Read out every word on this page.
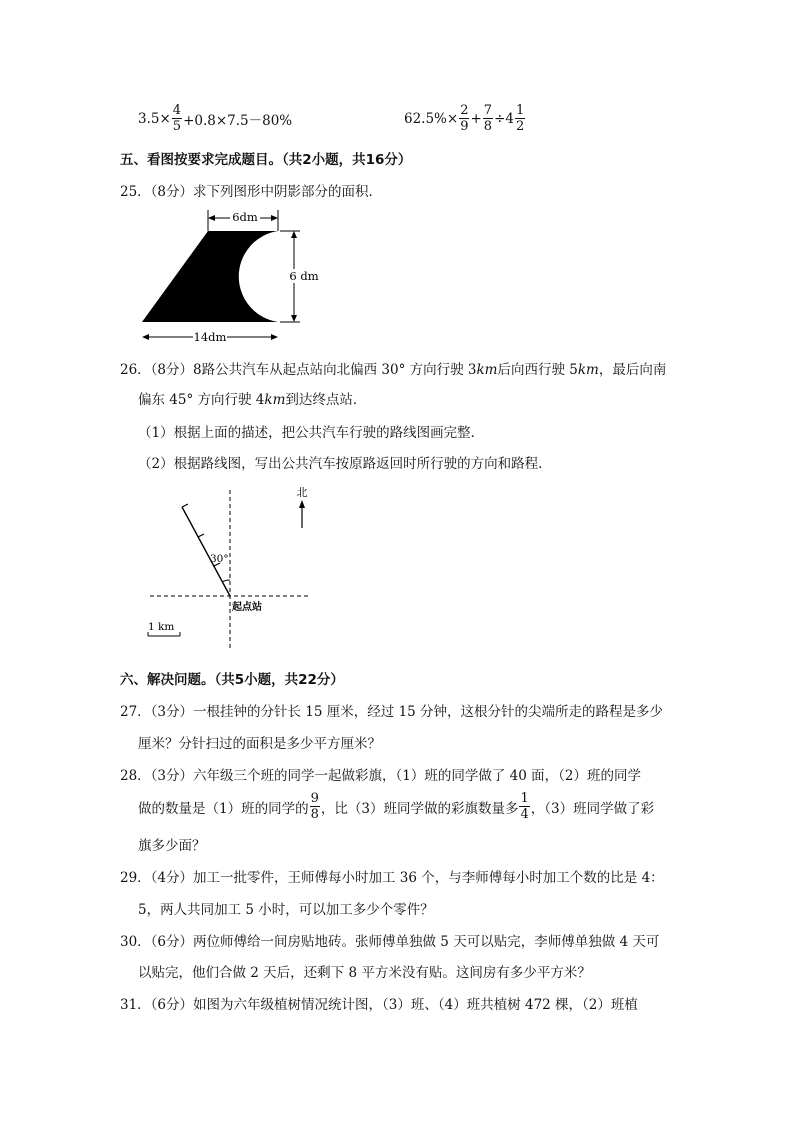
$3.5\times \frac{4}{5} +0.8\times 7.5-80\%$	$62.5\%\times \frac{2}{9} + \frac{7}{8} \div 4 \frac{1}{2}$
五、看图按要求完成题目。（共2小题，共16分）
25．（8分）求下列图形中阴影部分的面积．
6dm
6 dm
14dm
26．（8分）8路公共汽车从起点站向北偏西 30° 方向行驶 3km后向西行驶 5km，最后向南
偏东 45° 方向行驶 4km到达终点站．
（1）根据上面的描述，把公共汽车行驶的路线图画完整．
（2）根据路线图，写出公共汽车按原路返回时所行驶的方向和路程．
北
30°
起点站
1 km
六、解决问题。（共5小题，共22分）
27．（3分）一根挂钟的分针长 15 厘米，经过 15 分钟，这根分针的尖端所走的路程是多少
厘米？分针扫过的面积是多少平方厘米？
28．（3分）六年级三个班的同学一起做彩旗，（1）班的同学做了 40 面，（2）班的同学
做的数量是（1）班的同学的 $\frac{9}{8}$ ，比（3）班同学做的彩旗数量多 $\frac{1}{4}$ ，（3）班同学做了彩
旗多少面？
29．（4分）加工一批零件，王师傅每小时加工 36 个，与李师傅每小时加工个数的比是 4：
5，两人共同加工 5 小时，可以加工多少个零件？
30．（6分）两位师傅给一间房贴地砖。张师傅单独做 5 天可以贴完，李师傅单独做 4 天可
以贴完，他们合做 2 天后，还剩下 8 平方米没有贴。这间房有多少平方米？
31．（6分）如图为六年级植树情况统计图，（3）班、（4）班共植树 472 棵，（2）班植
